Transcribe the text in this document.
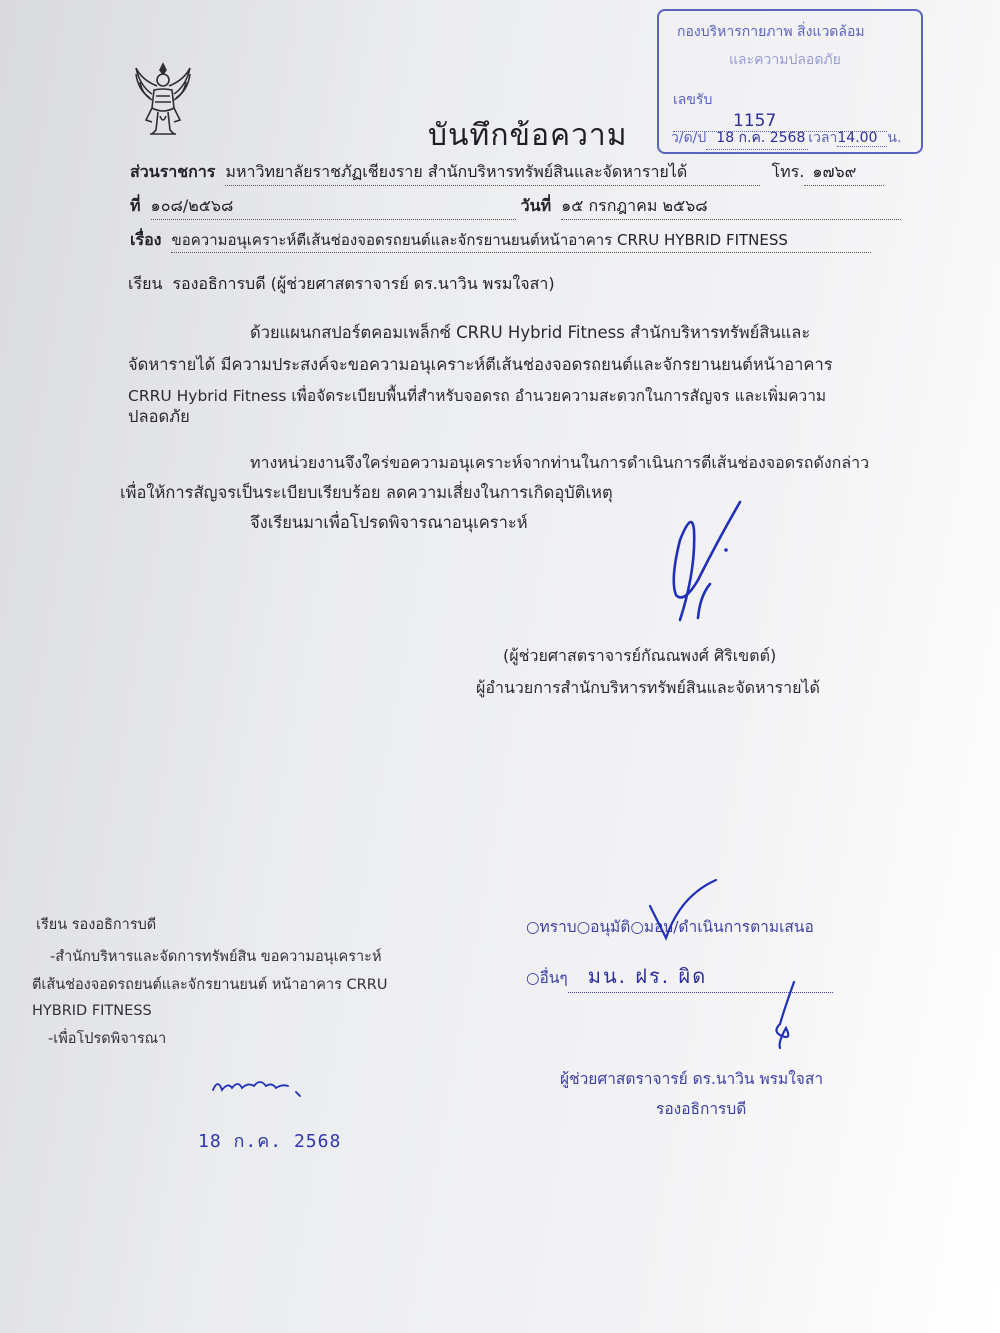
บันทึกข้อความ
กองบริหารกายภาพ สิ่งแวดล้อม
และความปลอดภัย
เลขรับ1157
ว/ด/ป 18 ก.ค. 2568 เวลา14.00 น.
ส่วนราชการ มหาวิทยาลัยราชภัฏเชียงราย สำนักบริหารทรัพย์สินและจัดหารายได้	โทร. ๑๗๖๙
ที่ ๑๐๘/๒๕๖๘	วันที่ ๑๕ กรกฎาคม ๒๕๖๘
เรื่อง ขอความอนุเคราะห์ตีเส้นช่องจอดรถยนต์และจักรยานยนต์หน้าอาคาร CRRU HYBRID FITNESS
เรียน รองอธิการบดี (ผู้ช่วยศาสตราจารย์ ดร.นาวิน พรมใจสา)
ด้วยแผนกสปอร์ตคอมเพล็กซ์ CRRU Hybrid Fitness สำนักบริหารทรัพย์สินและ
จัดหารายได้ มีความประสงค์จะขอความอนุเคราะห์ตีเส้นช่องจอดรถยนต์และจักรยานยนต์หน้าอาคาร
CRRU Hybrid Fitness เพื่อจัดระเบียบพื้นที่สำหรับจอดรถ อำนวยความสะดวกในการสัญจร และเพิ่มความ
ปลอดภัย
ทางหน่วยงานจึงใคร่ขอความอนุเคราะห์จากท่านในการดำเนินการตีเส้นช่องจอดรถดังกล่าว
เพื่อให้การสัญจรเป็นระเบียบเรียบร้อย ลดความเสี่ยงในการเกิดอุบัติเหตุ
จึงเรียนมาเพื่อโปรดพิจารณาอนุเคราะห์
(ผู้ช่วยศาสตราจารย์กัณณพงศ์ ศิริเขตต์)
ผู้อำนวยการสำนักบริหารทรัพย์สินและจัดหารายได้
เรียน รองอธิการบดี
-สำนักบริหารและจัดการทรัพย์สิน ขอความอนุเคราะห์
ตีเส้นช่องจอดรถยนต์และจักรยานยนต์ หน้าอาคาร CRRU
HYBRID FITNESS
-เพื่อโปรดพิจารณา
18 ก.ค. 2568
○ทราบ○อนุมัติ○มอบ/ดำเนินการตามเสนอ
○อื่นๆ มน. ฝร. ผิด
ผู้ช่วยศาสตราจารย์ ดร.นาวิน พรมใจสา
รองอธิการบดี
